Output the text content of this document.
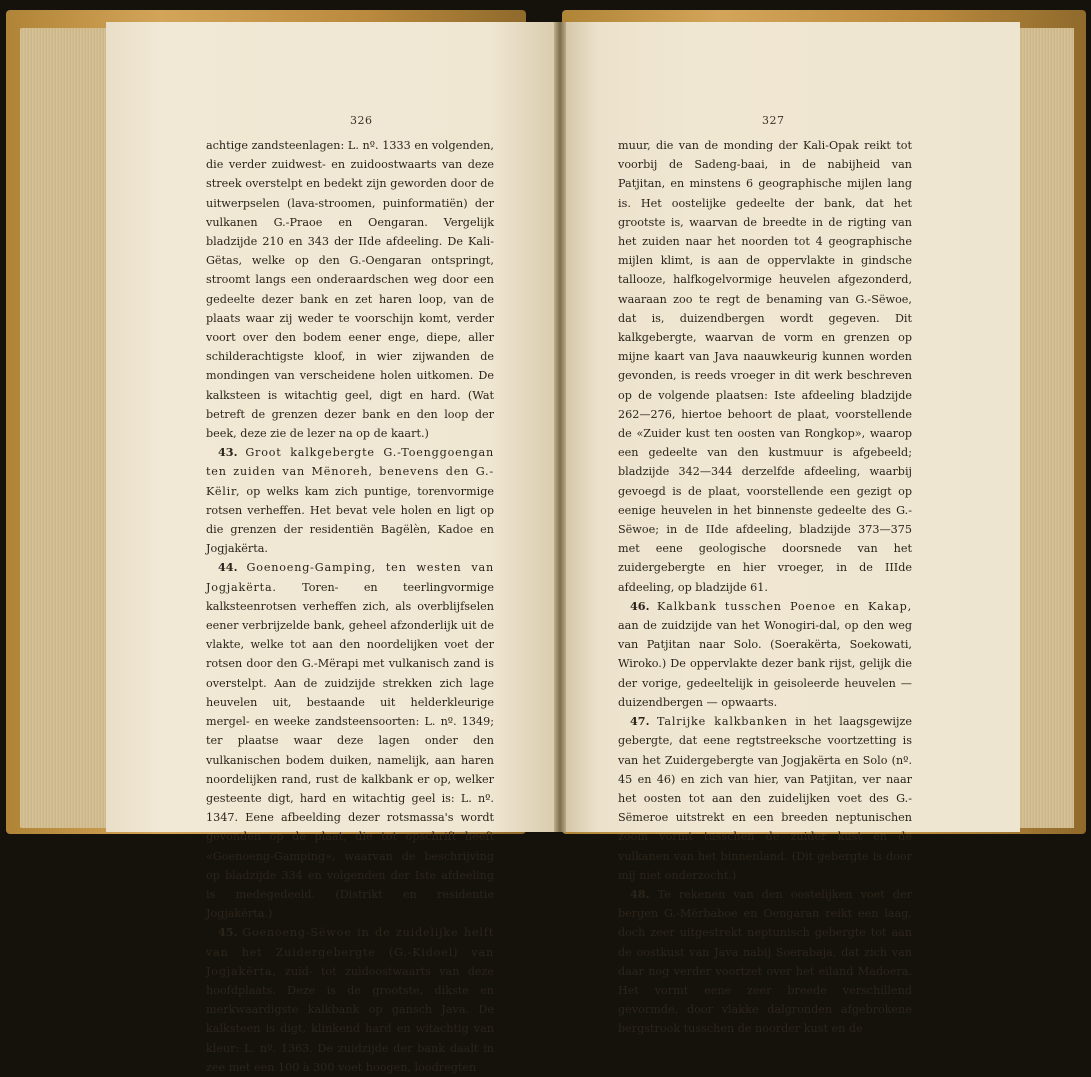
326

achtige zandsteenlagen: L. nº. 1333 en volgenden, die verder zuidwest- en zuidoostwaarts van deze streek overstelpt en bedekt zijn geworden door de uitwerpselen (lava-stroomen, puinformatiën) der vulkanen G.-Praoe en Oengaran. Vergelijk bladzijde 210 en 343 der IIde afdeeling. De Kali-Gëtas, welke op den G.-Oengaran ontspringt, stroomt langs een onderaardschen weg door een gedeelte dezer bank en zet haren loop, van de plaats waar zij weder te voorschijn komt, verder voort over den bodem eener enge, diepe, aller schilderachtigste kloof, in wier zijwanden de mondingen van verscheidene holen uitkomen. De kalksteen is witachtig geel, digt en hard. (Wat betreft de grenzen dezer bank en den loop der beek, deze zie de lezer na op de kaart.)

43. Groot kalkgebergte G.-Toenggoengan ten zuiden van Mënoreh, benevens den G.-Këlir, op welks kam zich puntige, torenvormige rotsen verheffen. Het bevat vele holen en ligt op die grenzen der residentiën Bagëlèn, Kadoe en Jogjakërta.

44. Goenoeng-Gamping, ten westen van Jogjakërta. Toren- en teerlingvormige kalksteenrotsen verheffen zich, als overblijfselen eener verbrijzelde bank, geheel afzonderlijk uit de vlakte, welke tot aan den noordelijken voet der rotsen door den G.-Mërapi met vulkanisch zand is overstelpt. Aan de zuidzijde strekken zich lage heuvelen uit, bestaande uit helderkleurige mergel- en weeke zandsteensoorten: L. nº. 1349; ter plaatse waar deze lagen onder den vulkanischen bodem duiken, namelijk, aan haren noordelijken rand, rust de kalkbank er op, welker gesteente digt, hard en witachtig geel is: L. nº. 1347. Eene afbeelding dezer rotsmassa's wordt gevonden op de plaat, die tot opschrift heeft «Goenoeng-Gamping», waarvan de beschrijving op bladzijde 334 en volgenden der Iste afdeeling is medegedeeld. (Distrikt en residentie Jogjakërta.)

45. Goenoeng-Sëwoe in de zuidelijke helft van het Zuidergebergte (G.-Kidoel) van Jogjakërta, zuid- tot zuidoostwaarts van deze hoofdplaats. Deze is de grootste, dikste en merkwaardigste kalkbank op gansch Java. De kalksteen is digt, klinkend hard en witachtig van kleur: L. nº. 1363. De zuidzijde der bank daalt in zee met een 100 à 300 voet hoogen, loodregten

327

muur, die van de monding der Kali-Opak reikt tot voorbij de Sadeng-baai, in de nabijheid van Patjitan, en minstens 6 geographische mijlen lang is. Het oostelijke gedeelte der bank, dat het grootste is, waarvan de breedte in de rigting van het zuiden naar het noorden tot 4 geographische mijlen klimt, is aan de oppervlakte in gindsche tallooze, halfkogelvormige heuvelen afgezonderd, waaraan zoo te regt de benaming van G.-Sëwoe, dat is, duizendbergen wordt gegeven. Dit kalkgebergte, waarvan de vorm en grenzen op mijne kaart van Java naauwkeurig kunnen worden gevonden, is reeds vroeger in dit werk beschreven op de volgende plaatsen: Iste afdeeling bladzijde 262—276, hiertoe behoort de plaat, voorstellende de «Zuider kust ten oosten van Rongkop», waarop een gedeelte van den kustmuur is afgebeeld; bladzijde 342—344 derzelfde afdeeling, waarbij gevoegd is de plaat, voorstellende een gezigt op eenige heuvelen in het binnenste gedeelte des G.-Sëwoe; in de IIde afdeeling, bladzijde 373—375 met eene geologische doorsnede van het zuidergebergte en hier vroeger, in de IIIde afdeeling, op bladzijde 61.

46. Kalkbank tusschen Poenoe en Kakap, aan de zuidzijde van het Wonogiri-dal, op den weg van Patjitan naar Solo. (Soerakërta, Soekowati, Wiroko.) De oppervlakte dezer bank rijst, gelijk die der vorige, gedeeltelijk in geisoleerde heuvelen — duizendbergen — opwaarts.

47. Talrijke kalkbanken in het laagsgewijze gebergte, dat eene regtstreeksche voortzetting is van het Zuidergebergte van Jogjakërta en Solo (nº. 45 en 46) en zich van hier, van Patjitan, ver naar het oosten tot aan den zuidelijken voet des G.-Sëmeroe uitstrekt en een breeden neptunischen zoom vormt tusschen de zuider kust en de vulkanen van het binnenland. (Dit gebergte is door mij niet onderzocht.)

48. Te rekenen van den oostelijken voet der bergen G.-Mërbaboe en Oengaran reikt een laag, doch zeer uitgestrekt neptunisch gebergte tot aan de oostkust van Java nabij Soerabaja, dat zich van daar nog verder voortzet over het eiland Madoera. Het vormt eene zeer breede verschillend gevormde, door vlakke dalgronden afgebrokene bergstrook tusschen de noorder kust en de
